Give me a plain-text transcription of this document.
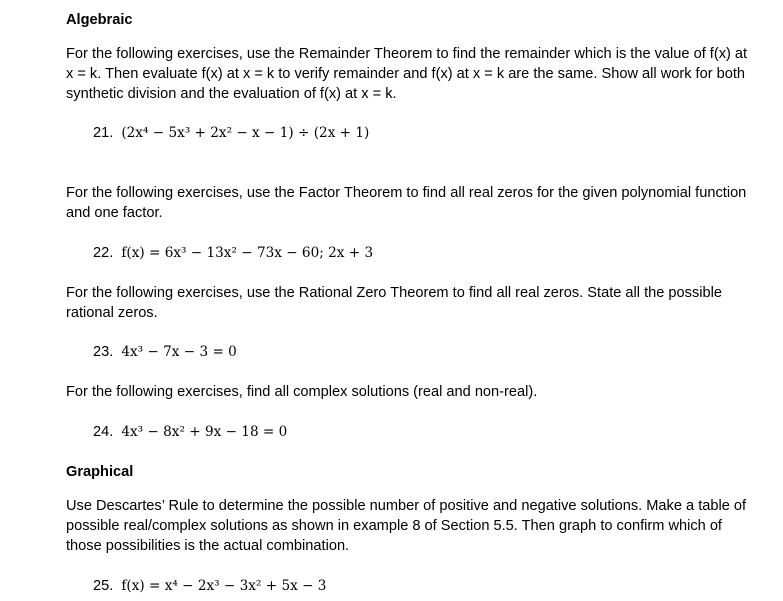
Algebraic
For the following exercises, use the Remainder Theorem to find the remainder which is the value of f(x) at
x = k. Then evaluate f(x) at x = k to verify remainder and f(x) at x = k are the same. Show all work for both
synthetic division and the evaluation of f(x) at x = k.
21. (2x⁴ − 5x³ + 2x² − x − 1) ÷ (2x + 1)
For the following exercises, use the Factor Theorem to find all real zeros for the given polynomial function
and one factor.
22. f(x) = 6x³ − 13x² − 73x − 60; 2x + 3
For the following exercises, use the Rational Zero Theorem to find all real zeros. State all the possible
rational zeros.
23. 4x³ − 7x − 3 = 0
For the following exercises, find all complex solutions (real and non-real).
24. 4x³ − 8x² + 9x − 18 = 0
Graphical
Use Descartes’ Rule to determine the possible number of positive and negative solutions. Make a table of
possible real/complex solutions as shown in example 8 of Section 5.5. Then graph to confirm which of
those possibilities is the actual combination.
25. f(x) = x⁴ − 2x³ − 3x² + 5x − 3
